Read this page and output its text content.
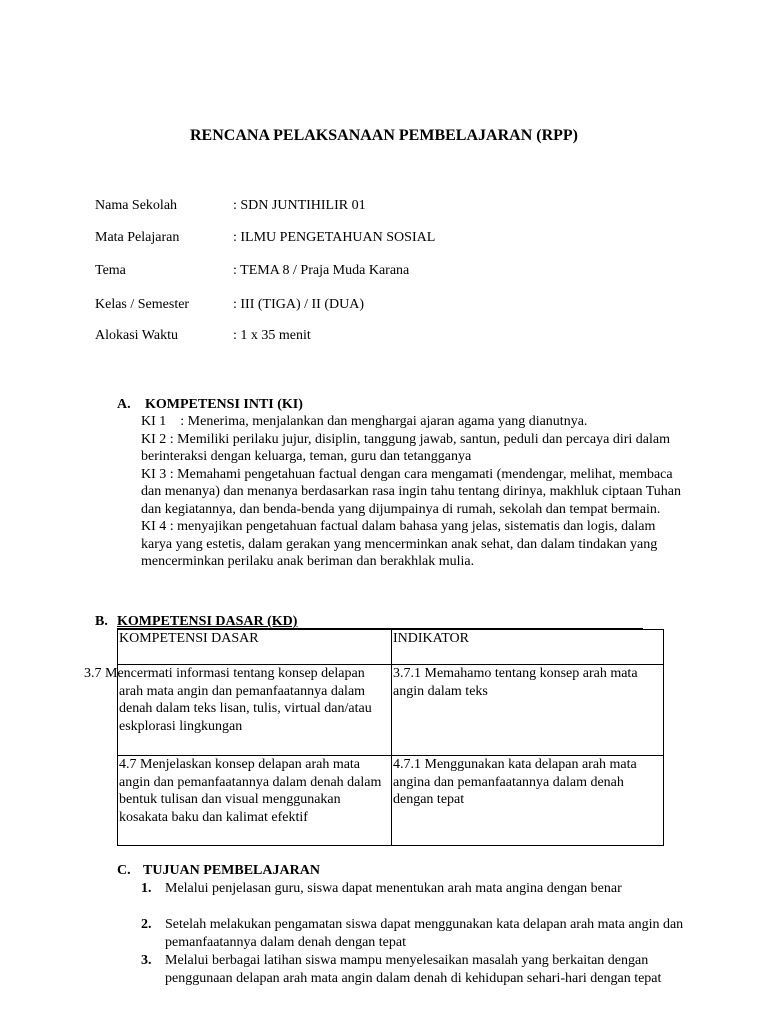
RENCANA PELAKSANAAN PEMBELAJARAN (RPP)
Nama Sekolah	: SDN JUNTIHILIR 01
Mata Pelajaran	: ILMU PENGETAHUAN SOSIAL
Tema	: TEMA 8 / Praja Muda Karana
Kelas / Semester	: III (TIGA) / II (DUA)
Alokasi Waktu	: 1 x 35 menit
A. KOMPETENSI INTI (KI)

KI 1    : Menerima, menjalankan dan menghargai ajaran agama yang dianutnya.

KI 2 : Memiliki perilaku jujur, disiplin, tanggung jawab, santun, peduli dan percaya diri dalam berinteraksi dengan keluarga, teman, guru dan tetangganya

KI 3 : Memahami pengetahuan factual dengan cara mengamati (mendengar, melihat, membaca dan menanya) dan menanya berdasarkan rasa ingin tahu tentang dirinya, makhluk ciptaan Tuhan dan kegiatannya, dan benda-benda yang dijumpainya di rumah, sekolah dan tempat bermain.

KI 4 : menyajikan pengetahuan factual dalam bahasa yang jelas, sistematis dan logis, dalam karya yang estetis, dalam gerakan yang mencerminkan anak sehat, dan dalam tindakan yang mencerminkan perilaku anak beriman dan berakhlak mulia.

B. KOMPETENSI DASAR (KD)
KOMPETENSI DASAR	INDIKATOR
3.7 Mencermati informasi tentang konsep delapan arah mata angin dan pemanfaatannya dalam denah dalam teks lisan, tulis, virtual dan/atau eskplorasi lingkungan	3.7.1 Memahamo tentang konsep arah mata angin dalam teks
4.7 Menjelaskan konsep delapan arah mata angin dan pemanfaatannya dalam denah dalam bentuk tulisan dan visual menggunakan kosakata baku dan kalimat efektif	4.7.1 Menggunakan kata delapan arah mata angina dan pemanfaatannya dalam denah dengan tepat
C. TUJUAN PEMBELAJARAN
1. Melalui penjelasan guru, siswa dapat menentukan arah mata angina dengan benar
2. Setelah melakukan pengamatan siswa dapat menggunakan kata delapan arah mata angin dan pemanfaatannya dalam denah dengan tepat
3. Melalui berbagai latihan siswa mampu menyelesaikan masalah yang berkaitan dengan penggunaan delapan arah mata angin dalam denah di kehidupan sehari-hari dengan tepat
